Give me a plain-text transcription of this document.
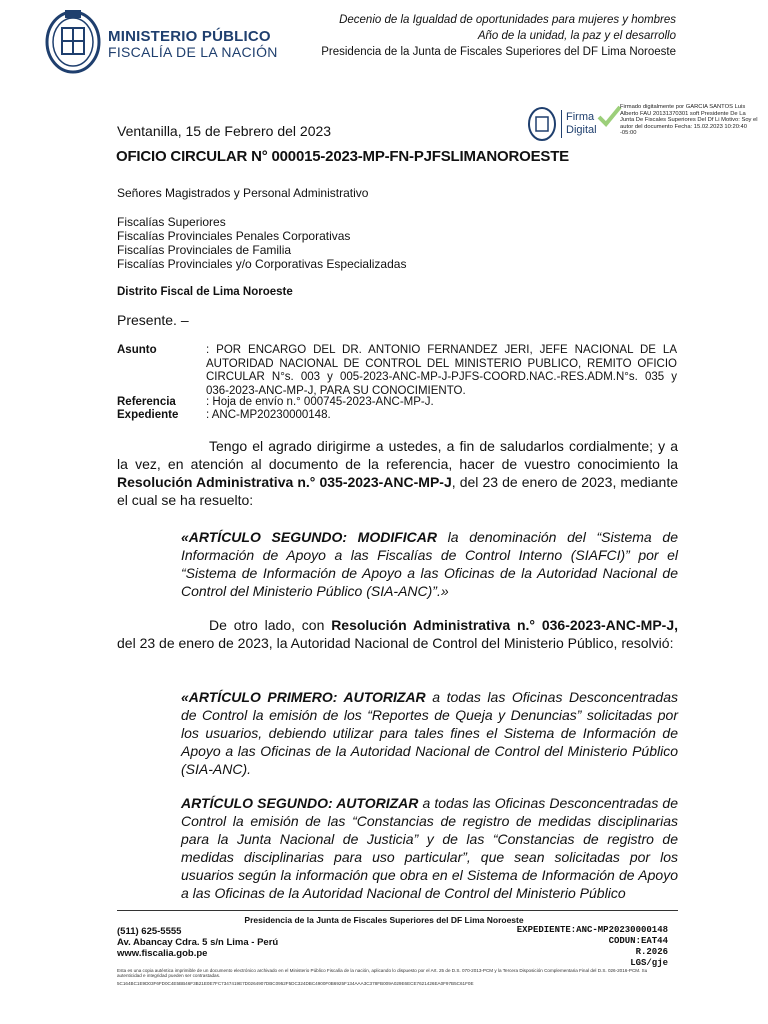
MINISTERIO PÚBLICO
FISCALÍA DE LA NACIÓN
Decenio de la Igualdad de oportunidades para mujeres y hombres
Año de la unidad, la paz y el desarrollo
Presidencia de la Junta de Fiscales Superiores del DF Lima Noroeste
Firma
Digital
Firmado digitalmente por GARCIA SANTOS Luis Alberto FAU 20131370301 soft Presidente De La Junta De Fiscales Superiores Del Df Li Motivo: Soy el autor del documento Fecha: 15.02.2023 10:20:40 -05:00
Ventanilla, 15 de Febrero del 2023
OFICIO CIRCULAR N° 000015-2023-MP-FN-PJFSLIMANOROESTE
Señores Magistrados y Personal Administrativo
Fiscalías Superiores
Fiscalías Provinciales Penales Corporativas
Fiscalías Provinciales de Familia
Fiscalías Provinciales y/o Corporativas Especializadas
Distrito Fiscal de Lima Noroeste
Presente. –
Asunto	: POR ENCARGO DEL DR. ANTONIO FERNANDEZ JERI, JEFE NACIONAL DE LA AUTORIDAD NACIONAL DE CONTROL DEL MINISTERIO PUBLICO, REMITO OFICIO CIRCULAR N°s. 003 y 005-2023-ANC-MP-J-PJFS-COORD.NAC.-RES.ADM.N°s. 035 y 036-2023-ANC-MP-J, PARA SU CONOCIMIENTO.
Referencia	: Hoja de envío n.° 000745-2023-ANC-MP-J.
Expediente : ANC-MP20230000148.
Tengo el agrado dirigirme a ustedes, a fin de saludarlos cordialmente; y a la vez, en atención al documento de la referencia, hacer de vuestro conocimiento la Resolución Administrativa n.° 035-2023-ANC-MP-J, del 23 de enero de 2023, mediante el cual se ha resuelto:
«ARTÍCULO SEGUNDO: MODIFICAR la denominación del “Sistema de Información de Apoyo a las Fiscalías de Control Interno (SIAFCI)” por el “Sistema de Información de Apoyo a las Oficinas de la Autoridad Nacional de Control del Ministerio Público (SIA-ANC)”.»
De otro lado, con Resolución Administrativa n.° 036-2023-ANC-MP-J, del 23 de enero de 2023, la Autoridad Nacional de Control del Ministerio Público, resolvió:
«ARTÍCULO PRIMERO: AUTORIZAR a todas las Oficinas Desconcentradas de Control la emisión de los “Reportes de Queja y Denuncias” solicitadas por los usuarios, debiendo utilizar para tales fines el Sistema de Información de Apoyo a las Oficinas de la Autoridad Nacional de Control del Ministerio Público (SIA-ANC).
ARTÍCULO SEGUNDO: AUTORIZAR a todas las Oficinas Desconcentradas de Control la emisión de las “Constancias de registro de medidas disciplinarias para la Junta Nacional de Justicia” y de las “Constancias de registro de medidas disciplinarias para uso particular”, que sean solicitadas por los usuarios según la información que obra en el Sistema de Información de Apoyo a las Oficinas de la Autoridad Nacional de Control del Ministerio Público
Presidencia de la Junta de Fiscales Superiores del DF Lima Noroeste
(511) 625-5555
Av. Abancay Cdra. 5 s/n Lima - Perú
www.fiscalia.gob.pe
EXPEDIENTE:ANC-MP20230000148
CODUN:EAT44
R.2026
LGS/gje
Esta es una copia auténtica imprimible de un documento electrónico archivado en el Ministerio Público Fiscalía de la nación, aplicando lo dispuesto por el Art. 25 de D.S. 070-2013-PCM y la Tercera Disposición Complementaria Final del D.S. 026-2016-PCM. Su autenticidad e integridad pueden ser contrastadas.
5C164BC1E9D03F6FD0C4E5BB46F3B21E0E7FC7347419E7D0264907DBC0952F5DC324DBC4900F0B6925F134AAA3C378FB009A029E6ECE7621426EA0F97B5C61F0E
